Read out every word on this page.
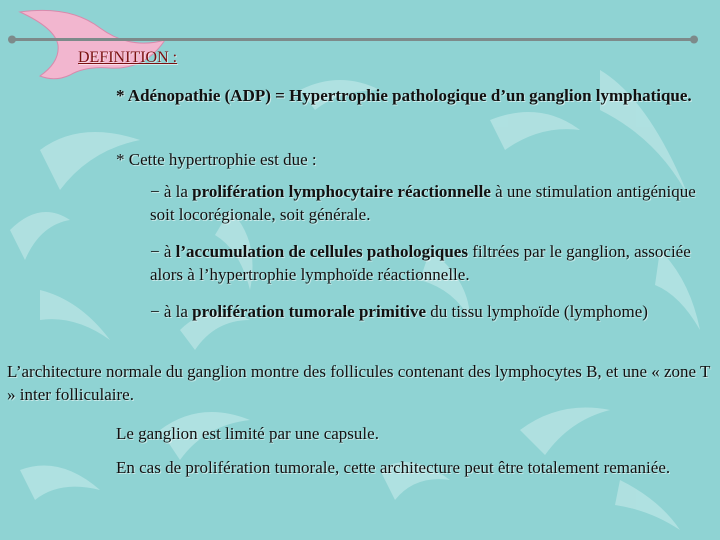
DEFINITION :
* Adénopathie (ADP) = Hypertrophie pathologique d’un ganglion lymphatique.
* Cette hypertrophie est due :
− à la prolifération lymphocytaire réactionnelle à une stimulation antigénique soit locorégionale, soit générale.
− à l’accumulation de cellules pathologiques filtrées par le ganglion, associée alors à l’hypertrophie lymphoïde réactionnelle.
− à la prolifération tumorale primitive du tissu lymphoïde (lymphome)
L’architecture normale du ganglion montre des follicules contenant des lymphocytes B, et une « zone T » inter folliculaire.
Le ganglion est limité par une capsule.
En cas de prolifération tumorale, cette architecture peut être totalement remaniée.
